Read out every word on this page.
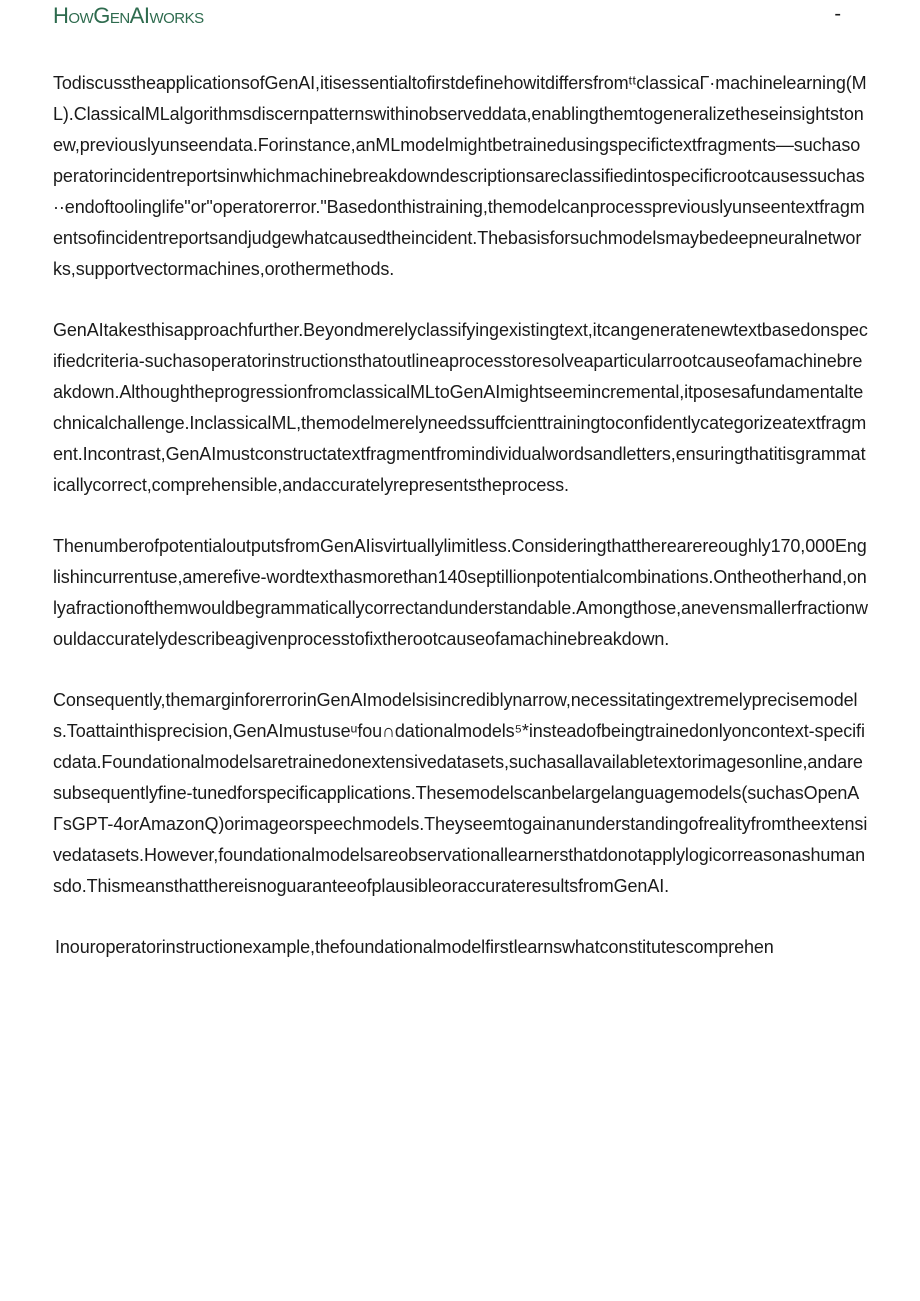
HowGenAIworks	-

TodiscusstheapplicationsofGenAI,itisessentialtofirstdefinehowitdiffersfromᵗᵗclassicaΓ·machinelearning(ML).ClassicalMLalgorithmsdiscernpatternswithinobserveddata,enablingthemtogeneralizetheseinsightstonew,previouslyunseendata.Forinstance,anMLmodelmightbetrainedusingspecifictextfragments—suchasoperatorincidentreportsinwhichmachinebreakdowndescriptionsareclassifiedintospecificrootcausessuchas··endoftoolinglife"or"operatorerror."Basedonthistraining,themodelcanprocesspreviouslyunseentextfragmentsofincidentreportsandjudgewhatcausedtheincident.Thebasisforsuchmodelsmaybedeepneuralnetworks,supportvectormachines,orothermethods.

GenAItakesthisapproachfurther.Beyondmerelyclassifyingexistingtext,itcangeneratenewtextbasedonspecifiedcriteria-suchasoperatorinstructionsthatoutlineaprocesstoresolveaparticularrootcauseofamachinebreakdown.AlthoughtheprogressionfromclassicalMLtoGenAImightseemincremental,itposesafundamentaltechnicalchallenge.InclassicalML,themodelmerelyneedssuffcienttrainingtoconfidentlycategorizeatextfragment.Incontrast,GenAImustconstructatextfragmentfromindividualwordsandletters,ensuringthatitisgrammaticallycorrect,comprehensible,andaccuratelyrepresentstheprocess.

ThenumberofpotentialoutputsfromGenAIisvirtuallylimitless.Consideringthattherearereoughly170,000Englishincurrentuse,amerefive-wordtexthasmorethan140septillionpotentialcombinations.Ontheotherhand,onlyafractionofthemwouldbegrammaticallycorrectandunderstandable.Amongthose,anevensmallerfractionwouldaccuratelydescribeagivenprocesstofixtherootcauseofamachinebreakdown.

Consequently,themarginforerrorinGenAImodelsisincrediblynarrow,necessitatingextremelyprecisemodels.Toattainthisprecision,GenAImustuseᵘfou∩dationalmodels⁵*insteadofbeingtrainedonlyoncontext-specificdata.Foundationalmodelsaretrainedonextensivedatasets,suchasallavailabletextorimagesonline,andaresubsequentlyfine-tunedforspecificapplications.Thesemodelscanbelargelanguagemodels(suchasOpenAΓsGPT-4orAmazonQ)orimageorspeechmodels.Theyseemtogainanunderstandingofrealityfromtheextensivedatasets.However,foundationalmodelsareobservationallearnersthatdonotapplylogicorreasonashumansdo.ThismeansthatthereisnoguaranteeofplausibleoraccurateresultsfromGenAI.

Inouroperatorinstructionexample,thefoundationalmodelfirstlearnswhatconstitutescomprehen
